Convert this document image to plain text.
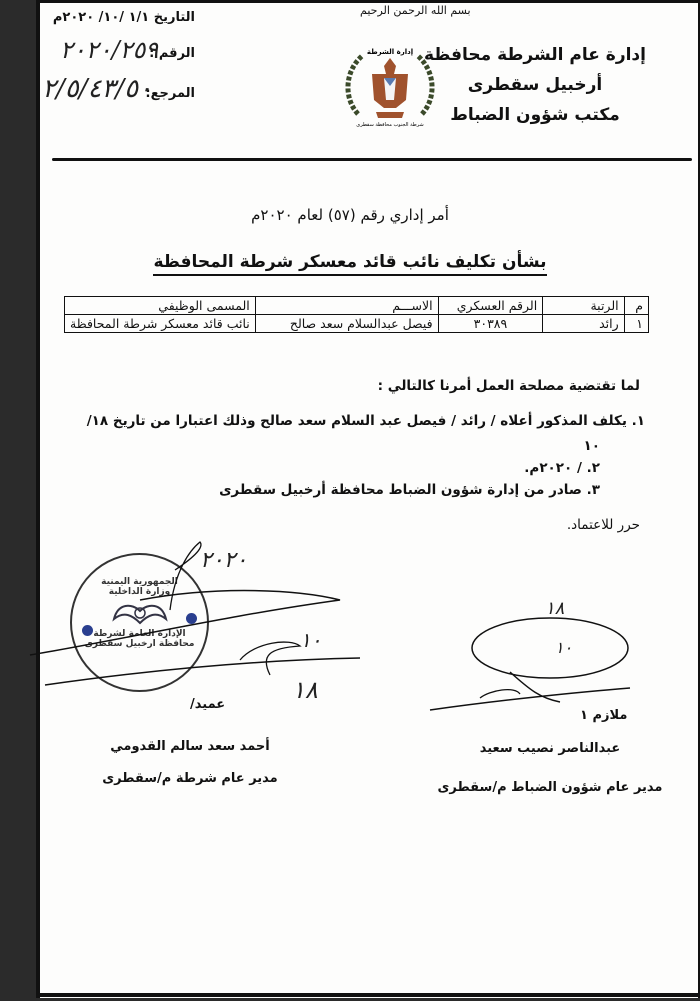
بسم الله الرحمن الرحيم
إدارة عام الشرطة محافظة
أرخبيل سقطرى
مكتب شؤون الضباط
إدارة الشرطة
شرطة الجنوب محافظة سقطرى
التاريخ ١/١ /١٠/ ٢٠٢٠م
الرقم :
٢٠٢٠/٢٥٩
المرجع:
٢/٥/٤٣/٥٠
أمر إداري رقم (٥٧) لعام ٢٠٢٠م
بشأن تكليف نائب قائد معسكر شرطة المحافظة
م	الرتبة	الرقم العسكري	الاســـم	المسمى الوظيفي
١	رائد	٣٠٣٨٩	فيصل عبدالسلام سعد صالح	نائب قائد معسكر شرطة المحافظة
لما تقتضية مصلحة العمل أمرنا كالتالي :
١. يكلف المذكور أعلاه / رائد / فيصل عبد السلام سعد صالح وذلك اعتبارا من تاريخ ١٨/
١٠
٢. / ٢٠٢٠م.
٣. صادر من إدارة شؤون الضباط محافظة أرخبيل سقطرى
حرر للاعتماد.
الجمهورية اليمنية
وزارة الداخلية
الإدارة العامة لشرطة
محافظة ارخبيل سقطرى
٢٠٢٠
١٠
١٨
عميد/
أحمد سعد سالم القدومي
مدير عام شرطة م/سقطرى
١٨
١٠
ملازم ١
عبدالناصر نصيب سعيد
مدير عام شؤون الضباط م/سقطرى
